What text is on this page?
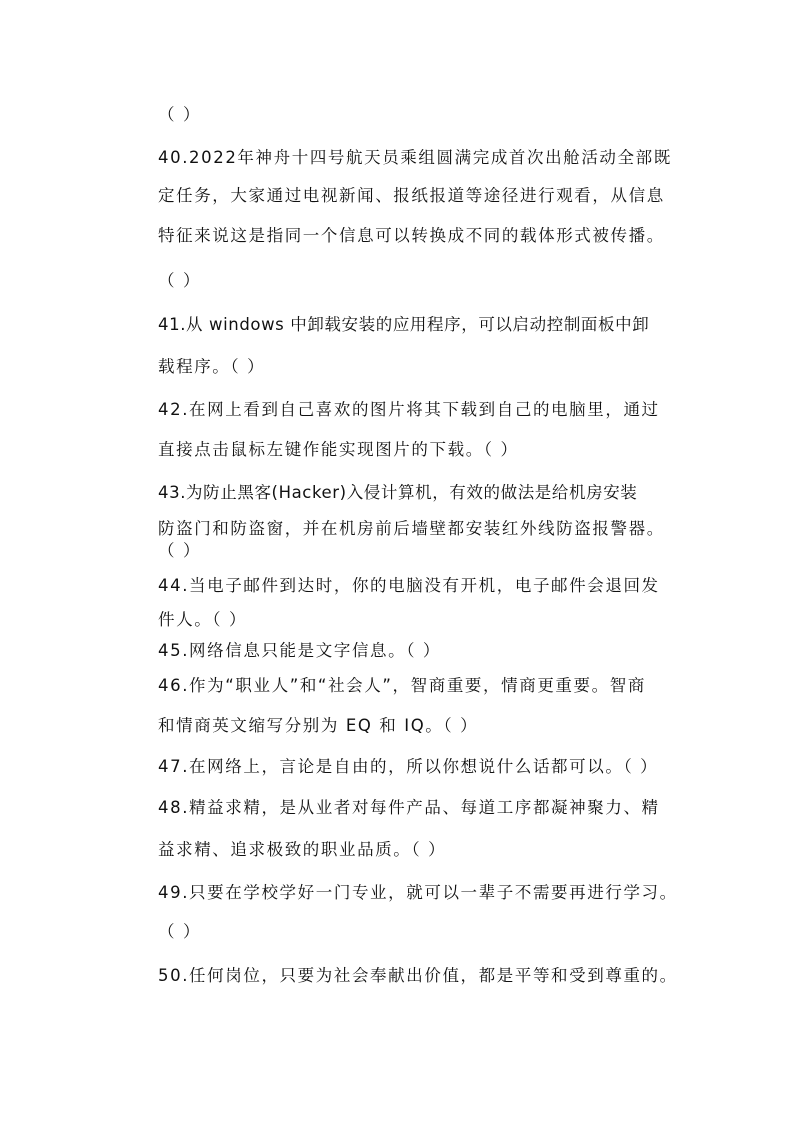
（ ）
40.2022年神舟十四号航天员乘组圆满完成首次出舱活动全部既
定任务，大家通过电视新闻、报纸报道等途径进行观看，从信息
特征来说这是指同一个信息可以转换成不同的载体形式被传播。
（ ）
41.从 windows 中卸载安装的应用程序，可以启动控制面板中卸
载程序。（ ）
42.在网上看到自己喜欢的图片将其下载到自己的电脑里，通过
直接点击鼠标左键作能实现图片的下载。（ ）
43.为防止黑客(Hacker)入侵计算机，有效的做法是给机房安装
防盗门和防盗窗，并在机房前后墙壁都安装红外线防盗报警器。
（ ）
44.当电子邮件到达时，你的电脑没有开机，电子邮件会退回发
件人。（ ）
45.网络信息只能是文字信息。（ ）
46.作为“职业人”和“社会人”，智商重要，情商更重要。智商
和情商英文缩写分别为 EQ 和 IQ。（ ）
47.在网络上，言论是自由的，所以你想说什么话都可以。（ ）
48.精益求精，是从业者对每件产品、每道工序都凝神聚力、精
益求精、追求极致的职业品质。（ ）
49.只要在学校学好一门专业，就可以一辈子不需要再进行学习。
（ ）
50.任何岗位，只要为社会奉献出价值，都是平等和受到尊重的。
